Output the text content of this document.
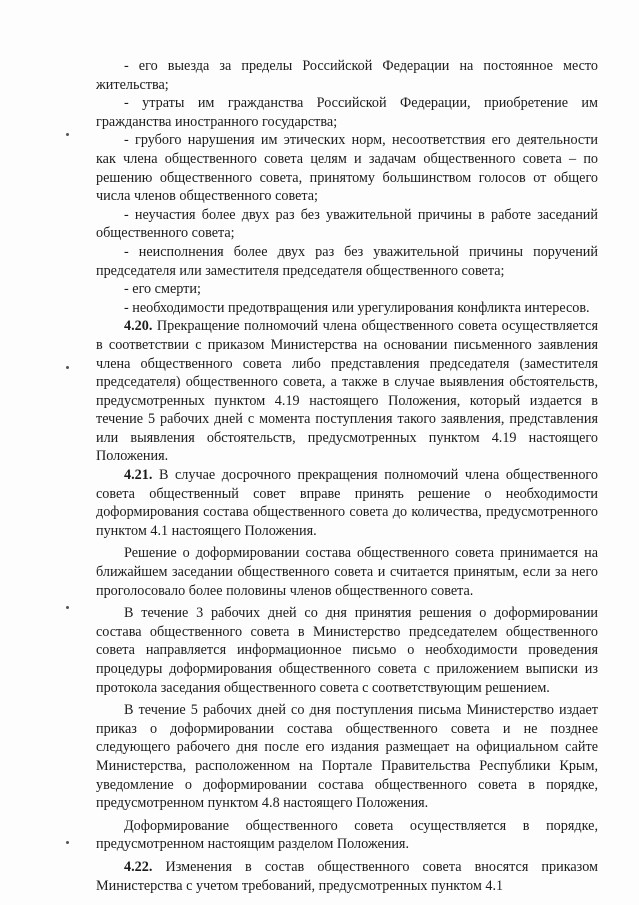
- его выезда за пределы Российской Федерации на постоянное место жительства;

- утраты им гражданства Российской Федерации, приобретение им гражданства иностранного государства;

- грубого нарушения им этических норм, несоответствия его деятельности как члена общественного совета целям и задачам общественного совета – по решению общественного совета, принятому большинством голосов от общего числа членов общественного совета;

- неучастия более двух раз без уважительной причины в работе заседаний общественного совета;

- неисполнения более двух раз без уважительной причины поручений председателя или заместителя председателя общественного совета;

- его смерти;

- необходимости предотвращения или урегулирования конфликта интересов.

4.20. Прекращение полномочий члена общественного совета осуществляется в соответствии с приказом Министерства на основании письменного заявления члена общественного совета либо представления председателя (заместителя председателя) общественного совета, а также в случае выявления обстоятельств, предусмотренных пунктом 4.19 настоящего Положения, который издается в течение 5 рабочих дней с момента поступления такого заявления, представления или выявления обстоятельств, предусмотренных пунктом 4.19 настоящего Положения.

4.21. В случае досрочного прекращения полномочий члена общественного совета общественный совет вправе принять решение о необходимости доформирования состава общественного совета до количества, предусмотренного пунктом 4.1 настоящего Положения.

Решение о доформировании состава общественного совета принимается на ближайшем заседании общественного совета и считается принятым, если за него проголосовало более половины членов общественного совета.

В течение 3 рабочих дней со дня принятия решения о доформировании состава общественного совета в Министерство председателем общественного совета направляется информационное письмо о необходимости проведения процедуры доформирования общественного совета с приложением выписки из протокола заседания общественного совета с соответствующим решением.

В течение 5 рабочих дней со дня поступления письма Министерство издает приказ о доформировании состава общественного совета и не позднее следующего рабочего дня после его издания размещает на официальном сайте Министерства, расположенном на Портале Правительства Республики Крым, уведомление о доформировании состава общественного совета в порядке, предусмотренном пунктом 4.8 настоящего Положения.

Доформирование общественного совета осуществляется в порядке, предусмотренном настоящим разделом Положения.

4.22. Изменения в состав общественного совета вносятся приказом Министерства с учетом требований, предусмотренных пунктом 4.1
